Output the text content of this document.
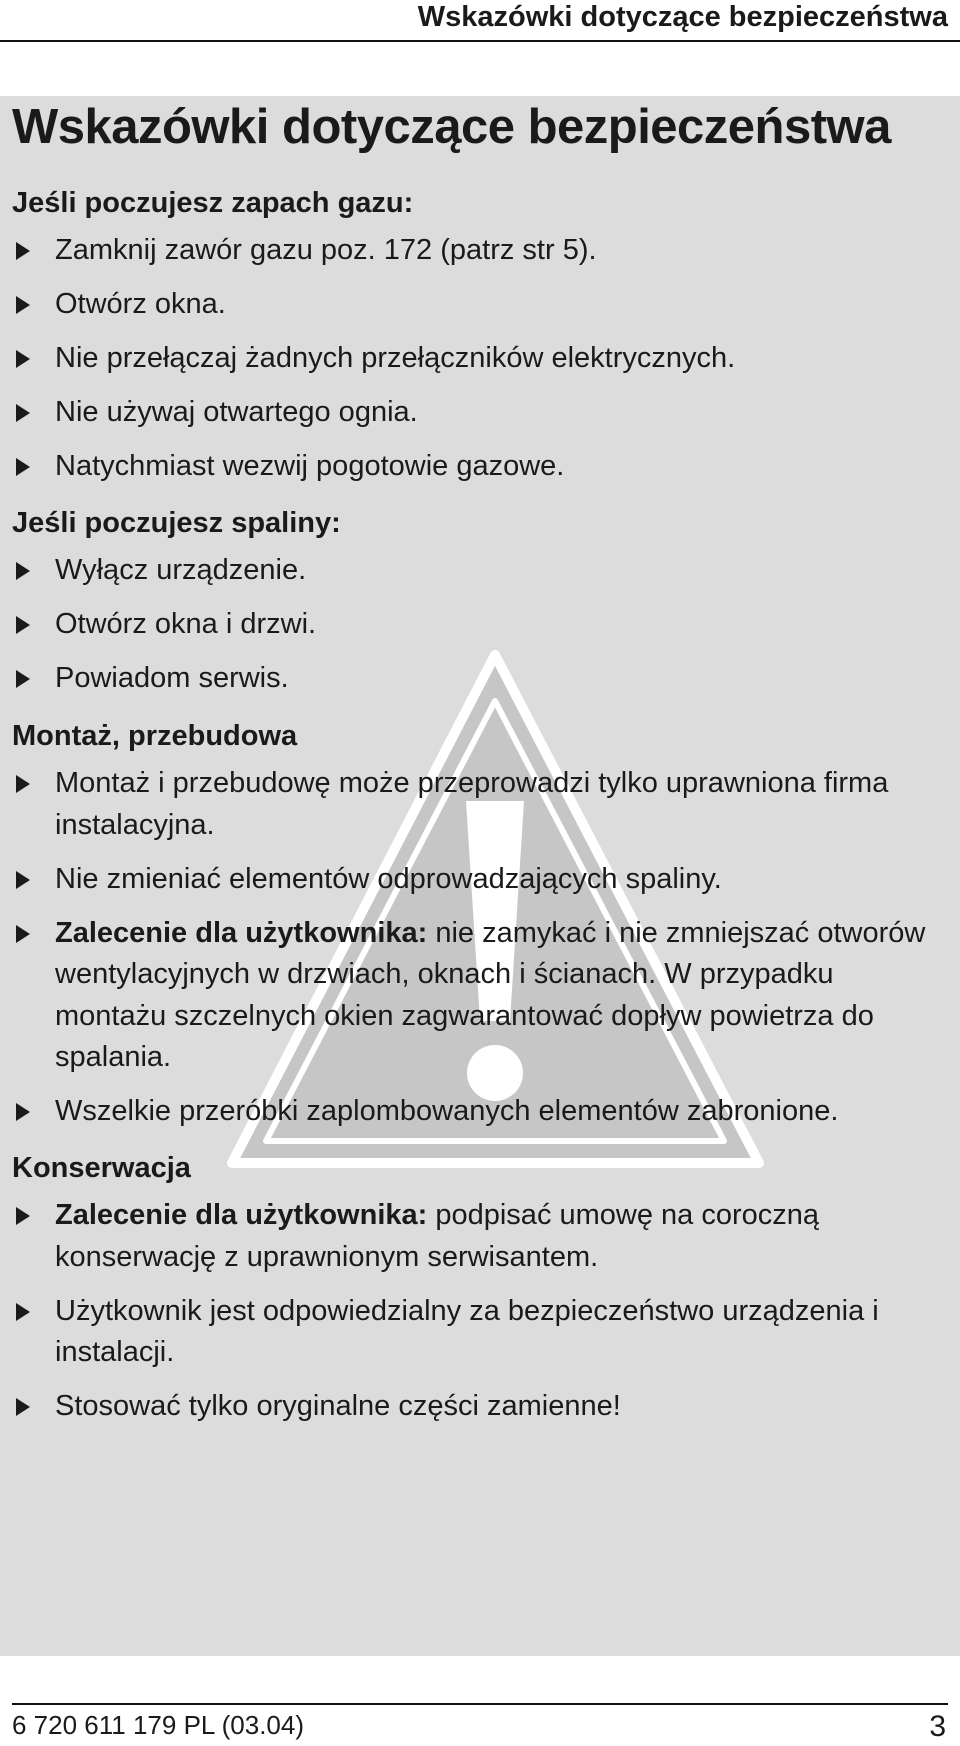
Wskazówki dotyczące bezpieczeństwa
Wskazówki dotyczące bezpieczeństwa
Jeśli poczujesz zapach gazu:
Zamknij zawór gazu poz. 172 (patrz str 5).
Otwórz okna.
Nie przełączaj żadnych przełączników elektrycznych.
Nie używaj otwartego ognia.
Natychmiast wezwij pogotowie gazowe.
Jeśli poczujesz spaliny:
Wyłącz urządzenie.
Otwórz okna i drzwi.
Powiadom serwis.
Montaż, przebudowa
Montaż i przebudowę może przeprowadzi tylko uprawniona firma instalacyjna.
Nie zmieniać elementów odprowadzających spaliny.
Zalecenie dla użytkownika: nie zamykać i nie zmniejszać otworów wentylacyjnych w drzwiach, oknach i ścianach. W przypadku montażu szczelnych okien zagwarantować dopływ powietrza do spalania.
Wszelkie przeróbki zaplombowanych elementów zabronione.
Konserwacja
Zalecenie dla użytkownika: podpisać umowę na coroczną konserwację z uprawnionym serwisantem.
Użytkownik jest odpowiedzialny za bezpieczeństwo urządzenia i instalacji.
Stosować tylko oryginalne części zamienne!
6 720 611 179 PL (03.04)	3
